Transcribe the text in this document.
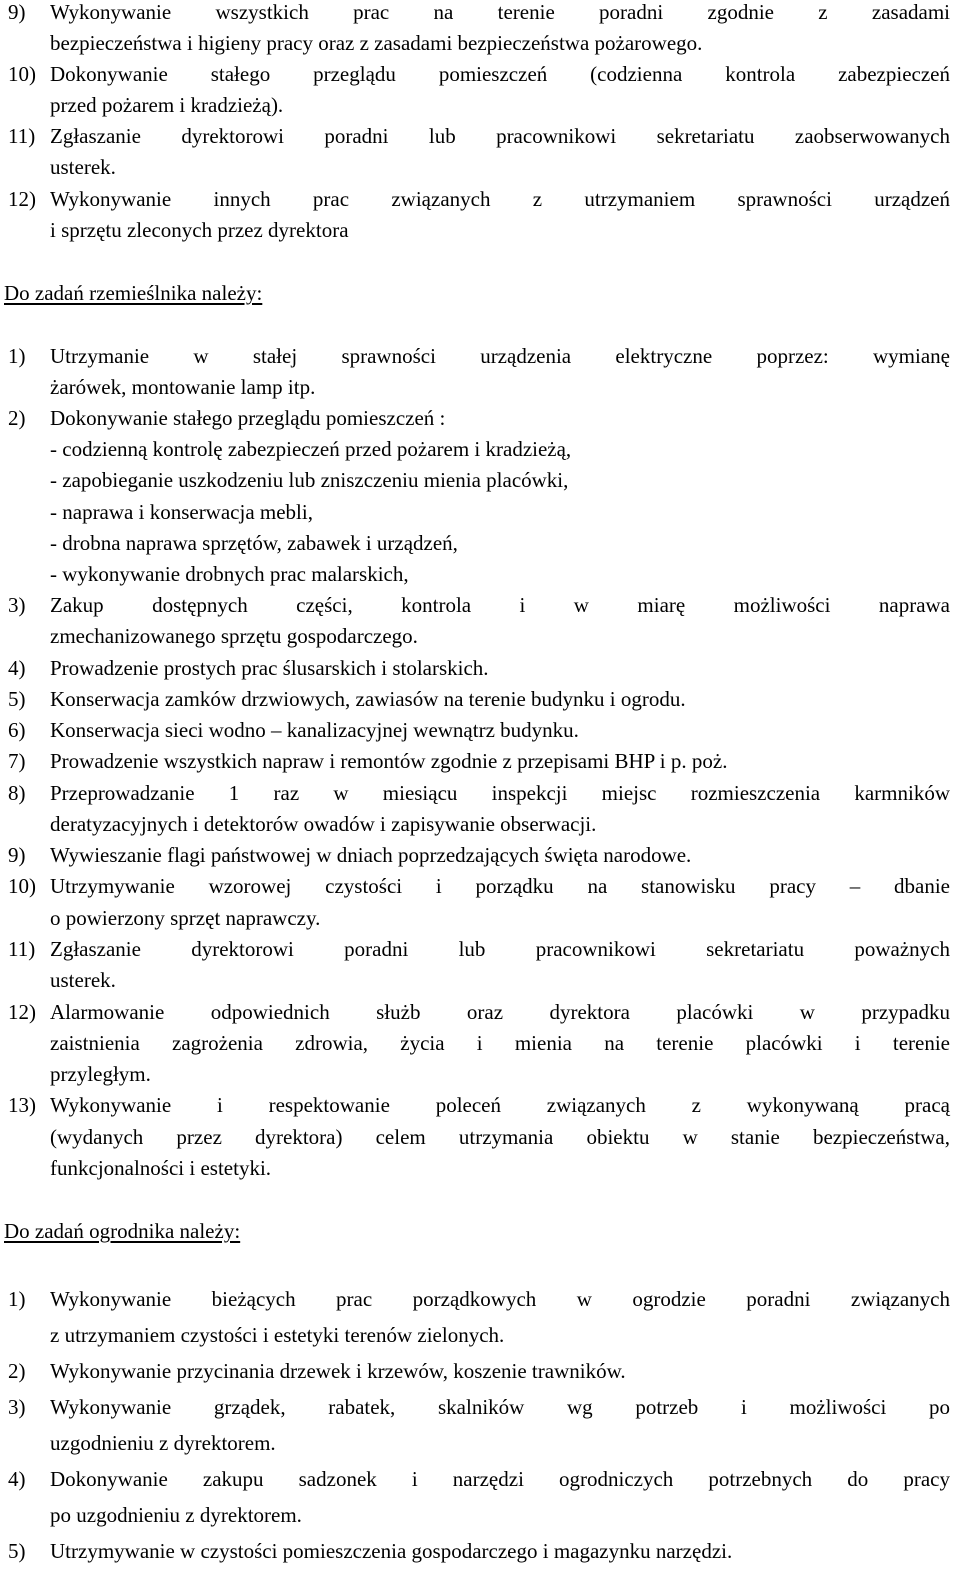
9) Wykonywanie wszystkich prac na terenie poradni zgodnie z zasadami
bezpieczeństwa i higieny pracy oraz z zasadami bezpieczeństwa pożarowego.
10) Dokonywanie stałego przeglądu pomieszczeń (codzienna kontrola zabezpieczeń
przed pożarem i kradzieżą).
11) Zgłaszanie dyrektorowi poradni lub pracownikowi sekretariatu zaobserwowanych
usterek.
12) Wykonywanie innych prac związanych z utrzymaniem sprawności urządzeń
i sprzętu zleconych przez dyrektora
Do zadań rzemieślnika należy:
1) Utrzymanie w stałej sprawności urządzenia elektryczne poprzez: wymianę
żarówek, montowanie lamp itp.
2) Dokonywanie stałego przeglądu pomieszczeń :
- codzienną kontrolę zabezpieczeń przed pożarem i kradzieżą,
- zapobieganie uszkodzeniu lub zniszczeniu mienia placówki,
- naprawa i konserwacja mebli,
- drobna naprawa sprzętów, zabawek i urządzeń,
- wykonywanie drobnych prac malarskich,
3) Zakup dostępnych części, kontrola i w miarę możliwości naprawa
zmechanizowanego sprzętu gospodarczego.
4) Prowadzenie prostych prac ślusarskich i stolarskich.
5) Konserwacja zamków drzwiowych, zawiasów na terenie budynku i ogrodu.
6) Konserwacja sieci wodno – kanalizacyjnej wewnątrz budynku.
7) Prowadzenie wszystkich napraw i remontów zgodnie z przepisami BHP i p. poż.
8) Przeprowadzanie 1 raz w miesiącu inspekcji miejsc rozmieszczenia karmników
deratyzacyjnych i detektorów owadów i zapisywanie obserwacji.
9) Wywieszanie flagi państwowej w dniach poprzedzających święta narodowe.
10) Utrzymywanie wzorowej czystości i porządku na stanowisku pracy – dbanie
o powierzony sprzęt naprawczy.
11) Zgłaszanie dyrektorowi poradni lub pracownikowi sekretariatu poważnych
usterek.
12) Alarmowanie odpowiednich służb oraz dyrektora placówki w przypadku
zaistnienia zagrożenia zdrowia, życia i mienia na terenie placówki i terenie
przyległym.
13) Wykonywanie i respektowanie poleceń związanych z wykonywaną pracą
(wydanych przez dyrektora) celem utrzymania obiektu w stanie bezpieczeństwa,
funkcjonalności i estetyki.
Do zadań ogrodnika należy:
1) Wykonywanie bieżących prac porządkowych w ogrodzie poradni związanych
z utrzymaniem czystości i estetyki terenów zielonych.
2) Wykonywanie przycinania drzewek i krzewów, koszenie trawników.
3) Wykonywanie grządek, rabatek, skalników wg potrzeb i możliwości po
uzgodnieniu z dyrektorem.
4) Dokonywanie zakupu sadzonek i narzędzi ogrodniczych potrzebnych do pracy
po uzgodnieniu z dyrektorem.
5) Utrzymywanie w czystości pomieszczenia gospodarczego i magazynku narzędzi.
